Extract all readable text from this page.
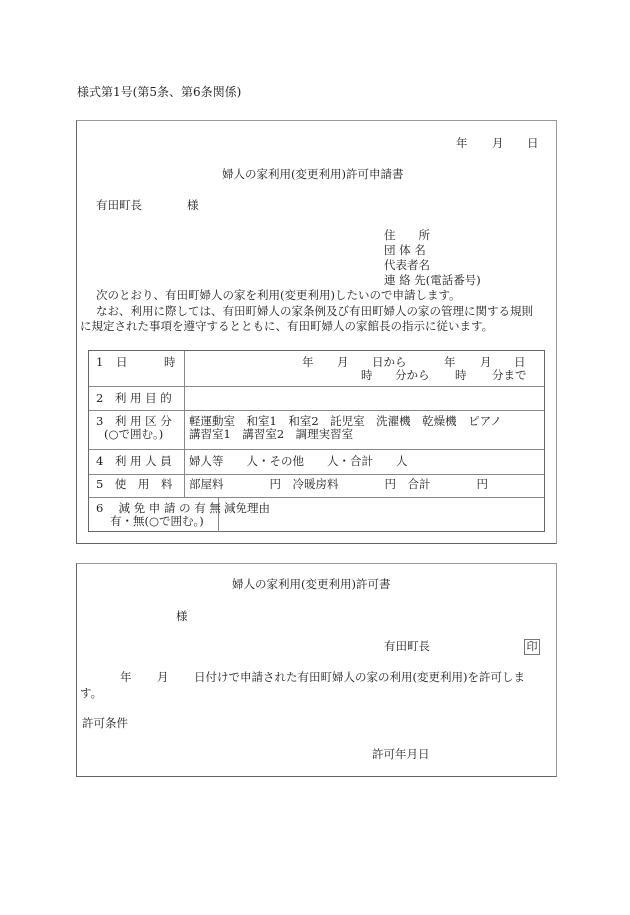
様式第1号(第5条、第6条関係)
年 月 日
婦人の家利用(変更利用)許可申請書
有田町長	様
住　　所
団 体 名
代表者名
連 絡 先(電話番号)
次のとおり、有田町婦人の家を利用(変更利用)したいので申請します。
なお、利用に際しては、有田町婦人の家条例及び有田町婦人の家の管理に関する規則
に規定された事項を遵守するとともに、有田町婦人の家館長の指示に従います。
1 日	時	年 月 日から	年 月 日
時 分から 時 分まで
2　利 用 目 的
3　利 用 区 分
(○で囲む。)
軽運動室　和室1　和室2　託児室　洗濯機　乾燥機　ピアノ
講習室1　講習室2　調理実習室
4　利 用 人 員 婦人等　　人・その他　　人・合計　　人
5　使　用　料 部屋料　　　　円　冷暖房料　　　　円　合計　　　　円
6　 減 免 申 請 の 有 無
有・無(○で囲む。)
減免理由
婦人の家利用(変更利用)許可書
様
有田町長	印
年 月 日付けで申請された有田町婦人の家の利用(変更利用)を許可しま
す。
許可条件
許可年月日
